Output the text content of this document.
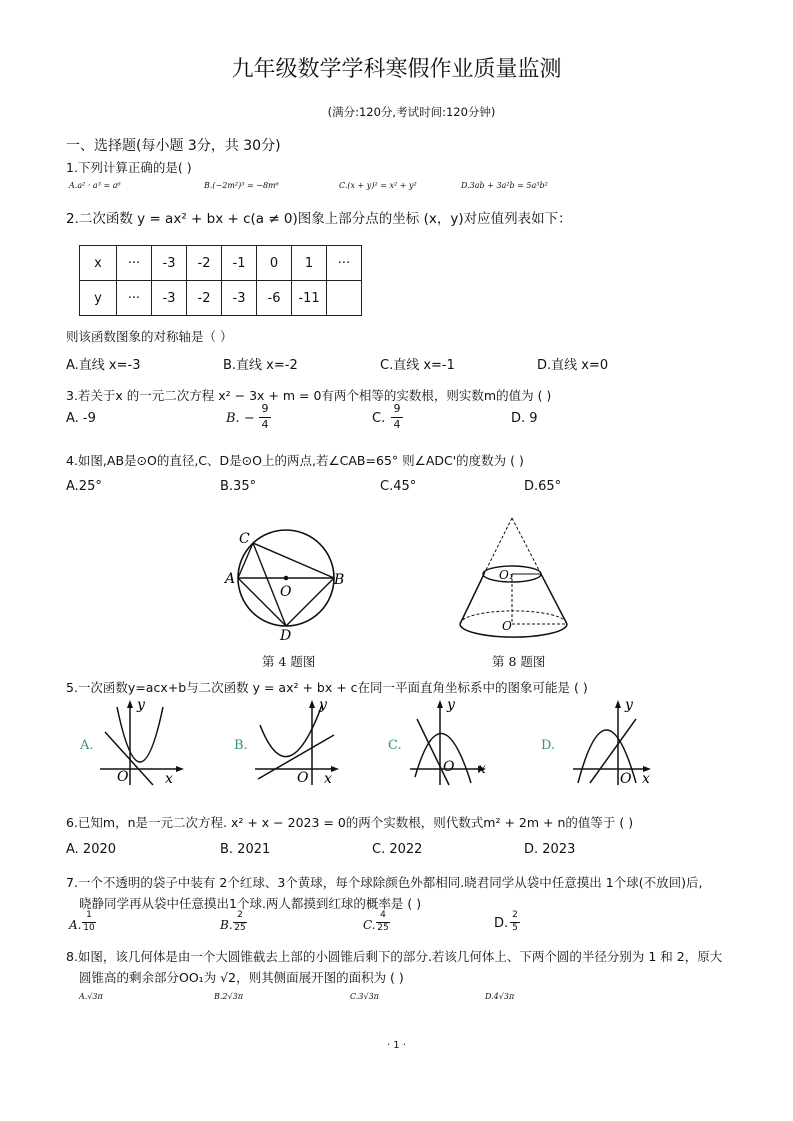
九年级数学学科寒假作业质量监测
(满分:120分,考试时间:120分钟)
一、选择题(每小题 3分，共 30分)
1.下列计算正确的是( )
A.a² · a³ = a⁶	B.(−2m²)³ = −8m⁶	C.(x + y)² = x² + y²	D.3ab + 3a²b = 5a³b²
2.二次函数 y = ax² + bx + c(a ≠ 0)图象上部分点的坐标 (x，y)对应值列表如下：
x	···	-3	-2	-1	0	1	···
y	···	-3	-2	-3	-6	-11	
则该函数图象的对称轴是（ ）
A.直线 x=-3	B.直线 x=-2	C.直线 x=-1	D.直线 x=0
3.若关于x 的一元二次方程 x² − 3x + m = 0有两个相等的实数根，则实数m的值为 ( )
A. -9	B. −
9
4	C.
9
4	D. 9
4.如图,AB是⊙O的直径,C、D是⊙O上的两点,若∠CAB=65° 则∠ADC'的度数为 ( )
A.25°	B.35°	C.45°	D.65°
C
A
O
B
D
第 4 题图
O₁
O
第 8 题图
5.一次函数y=acx+b与二次函数 y = ax² + bx + c在同一平面直角坐标系中的图象可能是 ( )
A.
y
x
O
B.
y
x
O
C.
y
x
O
D.
y
x
O
6.已知m，n是一元二次方程. x² + x − 2023 = 0的两个实数根，则代数式m² + 2m + n的值等于 ( )
A. 2020	B. 2021	C. 2022	D. 2023
7.一个不透明的袋子中装有 2个红球、3个黄球，每个球除颜色外都相同.晓君同学从袋中任意摸出 1个球(不放回)后,
晓静同学再从袋中任意摸出1个球.两人都摸到红球的概率是 ( )
A.
1
10	B.
2
25	C.
4
25	D.
2
5
8.如图，该几何体是由一个大圆锥截去上部的小圆锥后剩下的部分.若该几何体上、下两个圆的半径分别为 1 和 2，原大
圆锥高的剩余部分OO₁为 √2，则其侧面展开图的面积为 ( )
A.√3π	B.2√3π	C.3√3π	D.4√3π
· 1 ·
